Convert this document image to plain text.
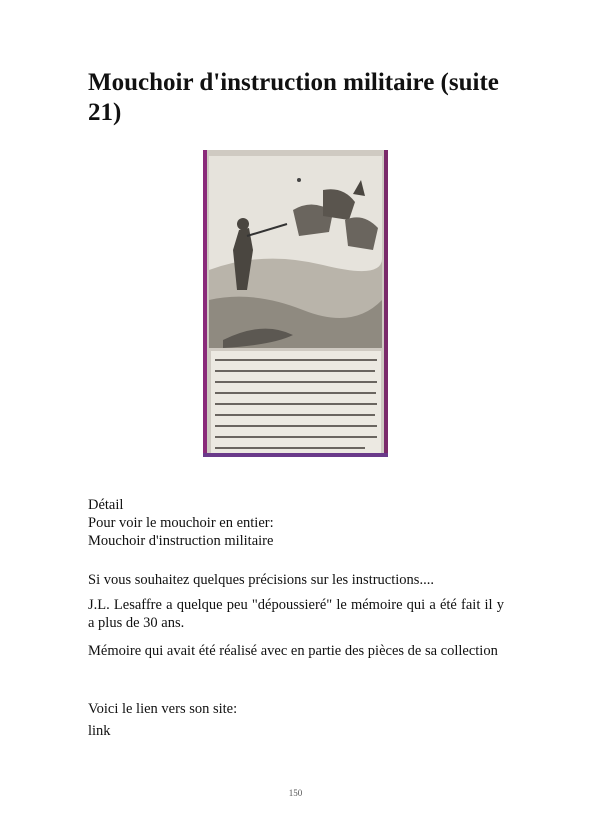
Mouchoir d'instruction militaire (suite 21)

Détail

Pour voir le mouchoir en entier:

Mouchoir d'instruction militaire

Si vous souhaitez quelques précisions sur les instructions....

J.L. Lesaffre a quelque peu "dépoussieré" le mémoire qui a été fait il y a plus de 30 ans.

Mémoire qui avait été réalisé avec en partie des pièces de sa collection

Voici le lien vers son site:

link

150
